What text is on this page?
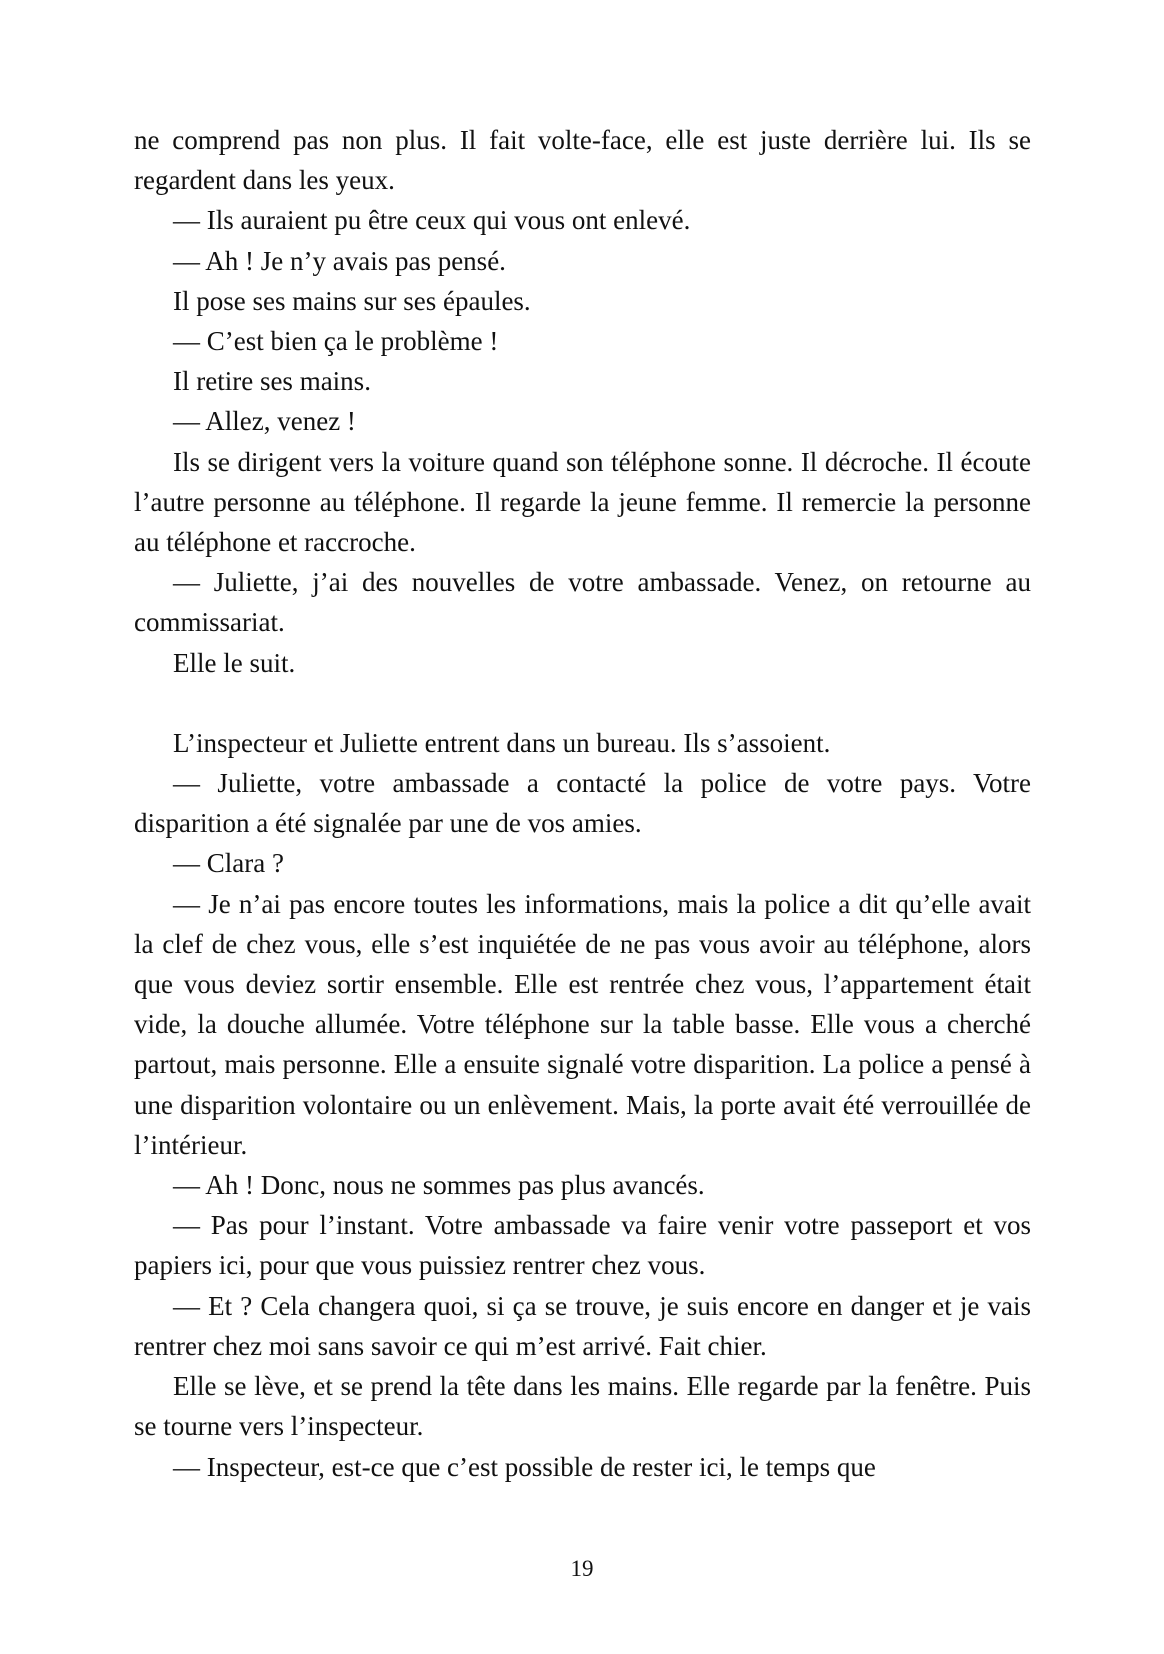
ne comprend pas non plus. Il fait volte-face, elle est juste derrière lui. Ils se regardent dans les yeux.

— Ils auraient pu être ceux qui vous ont enlevé.

— Ah ! Je n’y avais pas pensé.

Il pose ses mains sur ses épaules.

— C’est bien ça le problème !

Il retire ses mains.

— Allez, venez !

Ils se dirigent vers la voiture quand son téléphone sonne. Il décroche. Il écoute l’autre personne au téléphone. Il regarde la jeune femme. Il remercie la personne au téléphone et raccroche.

— Juliette, j’ai des nouvelles de votre ambassade. Venez, on retourne au commissariat.

Elle le suit.

L’inspecteur et Juliette entrent dans un bureau. Ils s’assoient.

— Juliette, votre ambassade a contacté la police de votre pays. Votre disparition a été signalée par une de vos amies.

— Clara ?

— Je n’ai pas encore toutes les informations, mais la police a dit qu’elle avait la clef de chez vous, elle s’est inquiétée de ne pas vous avoir au téléphone, alors que vous deviez sortir ensemble. Elle est rentrée chez vous, l’appartement était vide, la douche allumée. Votre téléphone sur la table basse. Elle vous a cherché partout, mais personne. Elle a ensuite signalé votre disparition. La police a pensé à une disparition volontaire ou un enlèvement. Mais, la porte avait été verrouillée de l’intérieur.

— Ah ! Donc, nous ne sommes pas plus avancés.

— Pas pour l’instant. Votre ambassade va faire venir votre passeport et vos papiers ici, pour que vous puissiez rentrer chez vous.

— Et ? Cela changera quoi, si ça se trouve, je suis encore en danger et je vais rentrer chez moi sans savoir ce qui m’est arrivé. Fait chier.

Elle se lève, et se prend la tête dans les mains. Elle regarde par la fenêtre. Puis se tourne vers l’inspecteur.

— Inspecteur, est-ce que c’est possible de rester ici, le temps que

19
